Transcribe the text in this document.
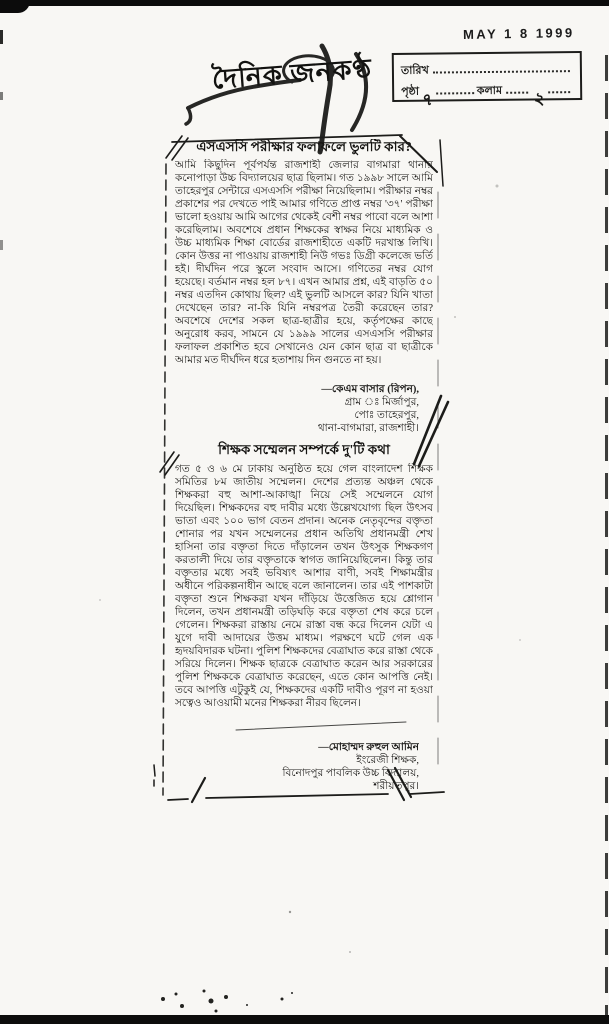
MAY 1 8 1999
দৈনিক জনকণ্ঠ	তারিখ
পৃষ্ঠা ৭	কলাম ২
এসএসসি পরীক্ষার ফলাফলে ভুলটি কার?

আমি কিছুদিন পূর্বপর্যন্ত রাজশাহী জেলার বাগমারা থানার কনোপাড়া উচ্চ বিদ্যালয়ের ছাত্র ছিলাম। গত ১৯৯৮ সালে আমি তাহেরপুর সেন্টারে এসএসসি পরীক্ষা নিয়েছিলাম। পরীক্ষার নম্বর প্রকাশের পর দেখতে পাই আমার গণিতে প্রাপ্ত নম্বর '৩৭' পরীক্ষা ভালো হওয়ায় আমি আগের থেকেই বেশী নম্বর পাবো বলে আশা করেছিলাম। অবশেষে প্রধান শিক্ষকের স্বাক্ষর নিয়ে মাধ্যমিক ও উচ্চ মাধ্যমিক শিক্ষা বোর্ডের রাজশাহীতে একটি দরখাস্ত লিখি। কোন উত্তর না পাওয়ায় রাজশাহী নিউ গভঃ ডিগ্রী কলেজে ভর্তি হই। দীর্ঘদিন পরে স্কুলে সংবাদ আসে। গণিতের নম্বর যোগ হয়েছে। বর্তমান নম্বর হল ৮৭। এখন আমার প্রশ্ন, এই বাড়তি ৫০ নম্বর এতদিন কোথায় ছিল? এই ভুলটি আসলে কার? যিনি খাতা দেখেছেন তার? না-কি যিনি নম্বরপত্র তৈরী করেছেন তার? অবশেষে দেশের সকল ছাত্র-ছাত্রীর হয়ে, কর্তৃপক্ষের কাছে অনুরোধ করব, সামনে যে ১৯৯৯ সালের এসএসসি পরীক্ষার ফলাফল প্রকাশিত হবে সেখানেও যেন কোন ছাত্র বা ছাত্রীকে আমার মত দীর্ঘদিন ধরে হতাশায় দিন গুনতে না হয়।

—কেএম বাসার (রিপন),
গ্রাম ঃ মির্জাপুর,
পোঃ তাহেরপুর,
থানা-বাগমারা, রাজশাহী।
শিক্ষক সম্মেলন সম্পর্কে দু'টি কথা

গত ৫ ও ৬ মে ঢাকায় অনুষ্ঠিত হয়ে গেল বাংলাদেশ শিক্ষক সমিতির ৮ম জাতীয় সম্মেলন। দেশের প্রত্যন্ত অঞ্চল থেকে শিক্ষকরা বহু আশা-আকাঙ্খা নিয়ে সেই সম্মেলনে যোগ দিয়েছিল। শিক্ষকদের বহু দাবীর মধ্যে উল্লেখযোগ্য ছিল উৎসব ভাতা এবং ১০০ ভাগ বেতন প্রদান। অনেক নেতৃবৃন্দের বক্তৃতা শোনার পর যখন সম্মেলনের প্রধান অতিথি প্রধানমন্ত্রী শেখ হাসিনা তার বক্তৃতা দিতে দাঁড়ালেন তখন উৎসুক শিক্ষকগণ করতালী দিয়ে তার বক্তৃতাকে স্বাগত জানিয়েছিলেন। কিন্তু তার বক্তৃতার মধ্যে সবই ভবিষ্যৎ আশার বাণী, সবই শিক্ষামন্ত্রীর অধীনে পরিকল্পনাধীন আছে বলে জানালেন। তার এই পাশকাটা বক্তৃতা শুনে শিক্ষকরা যখন দাঁড়িয়ে উত্তেজিত হয়ে শ্লোগান দিলেন, তখন প্রধানমন্ত্রী তড়িঘড়ি করে বক্তৃতা শেষ করে চলে গেলেন। শিক্ষকরা রাস্তায় নেমে রাস্তা বন্ধ করে দিলেন যেটা এ যুগে দাবী আদায়ের উত্তম মাধ্যম। পরক্ষণে ঘটে গেল এক হৃদয়বিদারক ঘটনা। পুলিশ শিক্ষকদের বেত্রাঘাত করে রাস্তা থেকে সরিয়ে দিলেন। শিক্ষক ছাত্রকে বেত্রাঘাত করেন আর সরকারের পুলিশ শিক্ষককে বেত্রাঘাত করেছেন, এতে কোন আপত্তি নেই। তবে আপত্তি এটুকুই যে, শিক্ষকদের একটি দাবীও পূরণ না হওয়া সত্বেও আওয়ামী মনের শিক্ষকরা নীরব ছিলেন।

—মোহাম্মদ রুহুল আমিন
ইংরেজী শিক্ষক,
বিনোদপুর পাবলিক উচ্চ বিদ্যালয়,
শরীয়তপুর।
